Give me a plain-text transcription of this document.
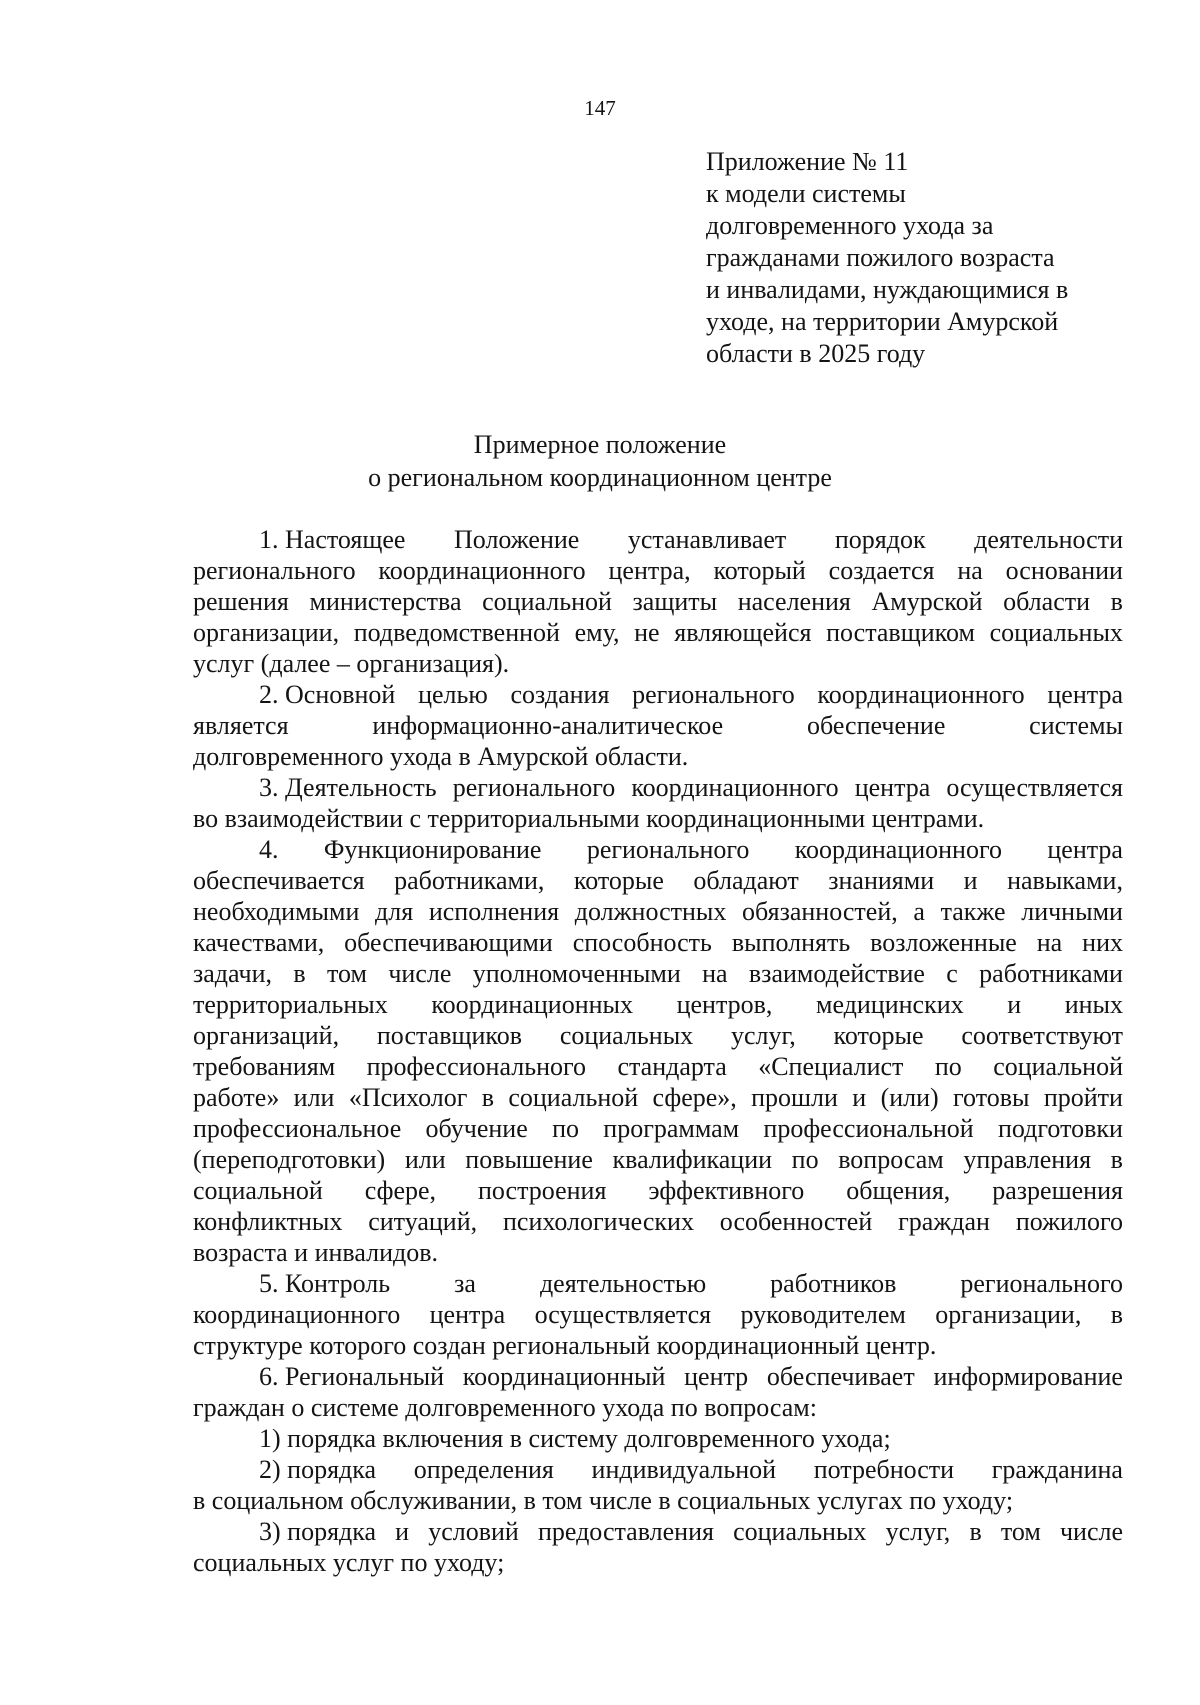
147
Приложение № 11
к модели системы
долговременного ухода за
гражданами пожилого возраста
и инвалидами, нуждающимися в
уходе, на территории Амурской
области в 2025 году
Примерное положение
о региональном координационном центре
1. Настоящее Положение устанавливает порядок деятельности
регионального координационного центра, который создается на основании
решения министерства социальной защиты населения Амурской области в
организации, подведомственной ему, не являющейся поставщиком социальных
услуг (далее – организация).
2. Основной целью создания регионального координационного центра
является	информационно-аналитическое	обеспечение	системы
долговременного ухода в Амурской области.
3. Деятельность регионального координационного центра осуществляется
во взаимодействии с территориальными координационными центрами.
4. Функционирование регионального координационного центра
обеспечивается работниками, которые обладают знаниями и навыками,
необходимыми для исполнения должностных обязанностей, а также личными
качествами, обеспечивающими способность выполнять возложенные на них
задачи, в том числе уполномоченными на взаимодействие с работниками
территориальных координационных центров, медицинских и иных
организаций, поставщиков социальных услуг, которые соответствуют
требованиям профессионального стандарта «Специалист по социальной
работе» или «Психолог в социальной сфере», прошли и (или) готовы пройти
профессиональное обучение по программам профессиональной подготовки
(переподготовки) или повышение квалификации по вопросам управления в
социальной сфере, построения эффективного общения, разрешения
конфликтных ситуаций, психологических особенностей граждан пожилого
возраста и инвалидов.
5. Контроль за деятельностью работников регионального
координационного центра осуществляется руководителем организации, в
структуре которого создан региональный координационный центр.
6. Региональный координационный центр обеспечивает информирование
граждан о системе долговременного ухода по вопросам:
1) порядка включения в систему долговременного ухода;
2) порядка определения индивидуальной потребности гражданина
в социальном обслуживании, в том числе в социальных услугах по уходу;
3) порядка и условий предоставления социальных услуг, в том числе
социальных услуг по уходу;
